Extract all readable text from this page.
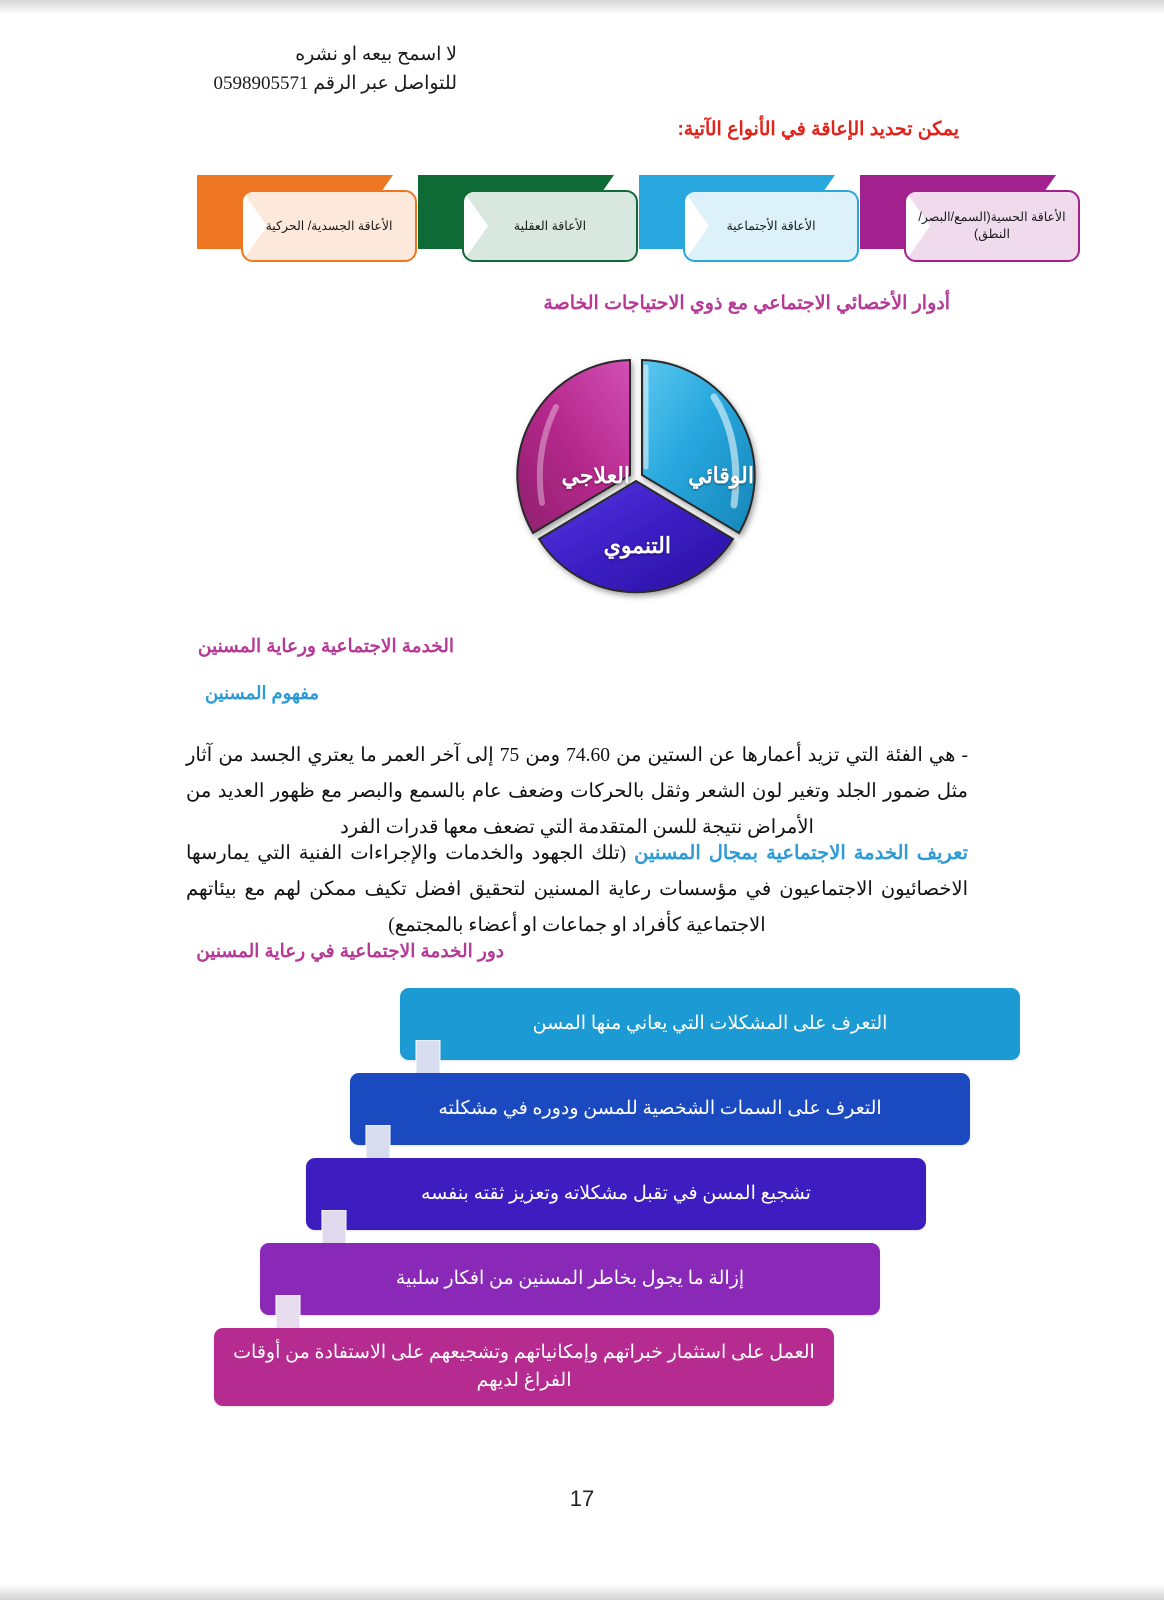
لا اسمح بيعه او نشره
للتواصل عبر الرقم 0598905571
يمكن تحديد الإعاقة في الأنواع الآتية:
الأعاقة الحسية(السمع/البصر/النطق)
الأعاقة الأجتماعية
الأعاقة العقلية
الأعاقة الجسدية/ الحركية
أدوار الأخصائي الاجتماعي مع ذوي الاحتياجات الخاصة
الوقائي
التنموي
العلاجي
الخدمة الاجتماعية ورعاية المسنين
مفهوم المسنين
- هي الفئة التي تزيد أعمارها عن الستين من 74.60 ومن 75 إلى آخر العمر ما يعتري الجسد من آثار مثل ضمور الجلد وتغير لون الشعر وثقل بالحركات وضعف عام بالسمع والبصر مع ظهور العديد من الأمراض نتيجة للسن المتقدمة التي تضعف معها قدرات الفرد
تعريف الخدمة الاجتماعية بمجال المسنين (تلك الجهود والخدمات والإجراءات الفنية التي يمارسها الاخصائيون الاجتماعيون في مؤسسات رعاية المسنين لتحقيق افضل تكيف ممكن لهم مع بيئاتهم الاجتماعية كأفراد او جماعات او أعضاء بالمجتمع)
دور الخدمة الاجتماعية في رعاية المسنين
التعرف على المشكلات التي يعاني منها المسن
التعرف على السمات الشخصية للمسن ودوره في مشكلته
تشجيع المسن في تقبل مشكلاته وتعزيز ثقته بنفسه
إزالة ما يجول بخاطر المسنين من افكار سلبية
العمل على استثمار خبراتهم وإمكانياتهم وتشجيعهم على الاستفادة من أوقات الفراغ لديهم
17
